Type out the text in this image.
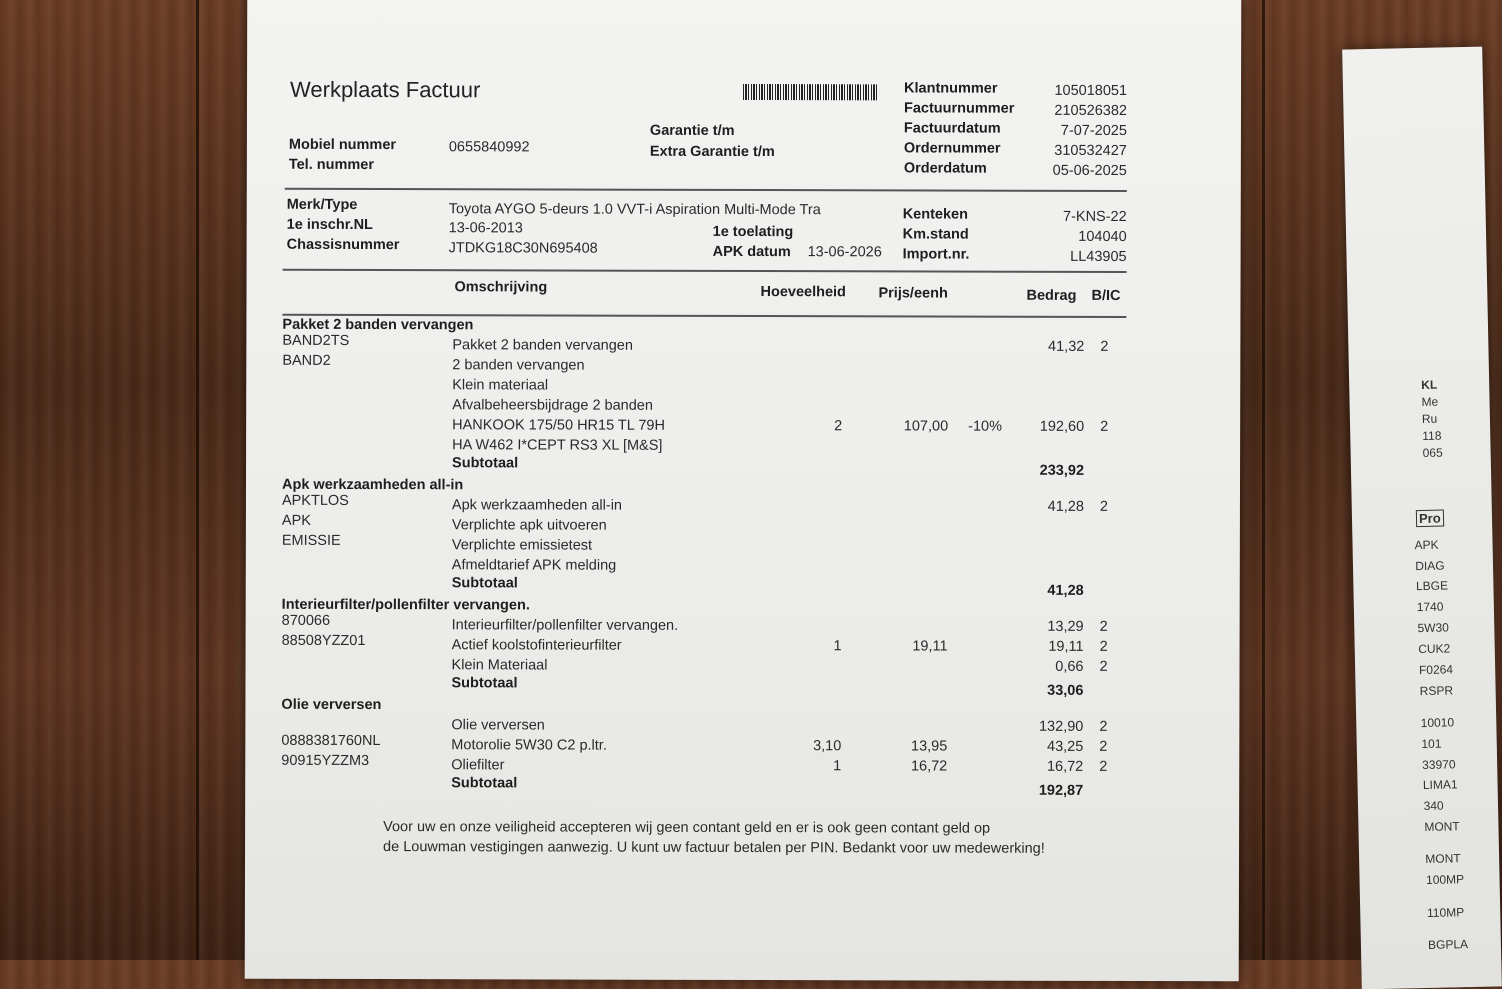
Werkplaats Factuur
Mobiel nummer	0655840992
Tel. nummer
Garantie t/m
Extra Garantie t/m
Klantnummer	105018051
Factuurnummer	210526382
Factuurdatum	7-07-2025
Ordernummer	310532427
Orderdatum	05-06-2025
Merk/Type	Toyota AYGO 5-deurs 1.0 VVT-i Aspiration Multi-Mode Tra
1e inschr.NL	13-06-2013	1e toelating
Chassisnummer	JTDKG18C30N695408	APK datum 13-06-2026
Kenteken	7-KNS-22
Km.stand	104040
Import.nr.	LL43905
Omschrijving	Hoeveelheid Prijs/eenh	Bedrag B/IC
Pakket 2 banden vervangen
BAND2TS	Pakket 2 banden vervangen	41,32 2
BAND2	2 banden vervangen
Klein materiaal
Afvalbeheersbijdrage 2 banden
HANKOOK 175/50 HR15 TL 79H	2	107,00 -10%	192,60 2
HA W462 I*CEPT RS3 XL [M&S]
Subtotaal	233,92
Apk werkzaamheden all-in
APKTLOS	Apk werkzaamheden all-in	41,28 2
APK	Verplichte apk uitvoeren
EMISSIE	Verplichte emissietest
Afmeldtarief APK melding
Subtotaal	41,28
Interieurfilter/pollenfilter vervangen.
870066	Interieurfilter/pollenfilter vervangen.	13,29 2
88508YZZ01	Actief koolstofinterieurfilter	1	19,11	19,11 2
Klein Materiaal	0,66 2
Subtotaal	33,06
Olie verversen
Olie verversen	132,90 2
0888381760NL	Motorolie 5W30 C2 p.ltr.	3,10	13,95	43,25 2
90915YZZM3	Oliefilter	1	16,72	16,72 2
Subtotaal	192,87
Voor uw en onze veiligheid accepteren wij geen contant geld en er is ook geen contant geld op
de Louwman vestigingen aanwezig. U kunt uw factuur betalen per PIN. Bedankt voor uw medewerking!
KL
Me
Ru
118
065
Pro
APK
DIAG
LBGE
1740
5W30
CUK2
F0264
RSPR
10010
101
33970
LIMA1
340
MONT
MONT
100MP
110MP
BGPLA
